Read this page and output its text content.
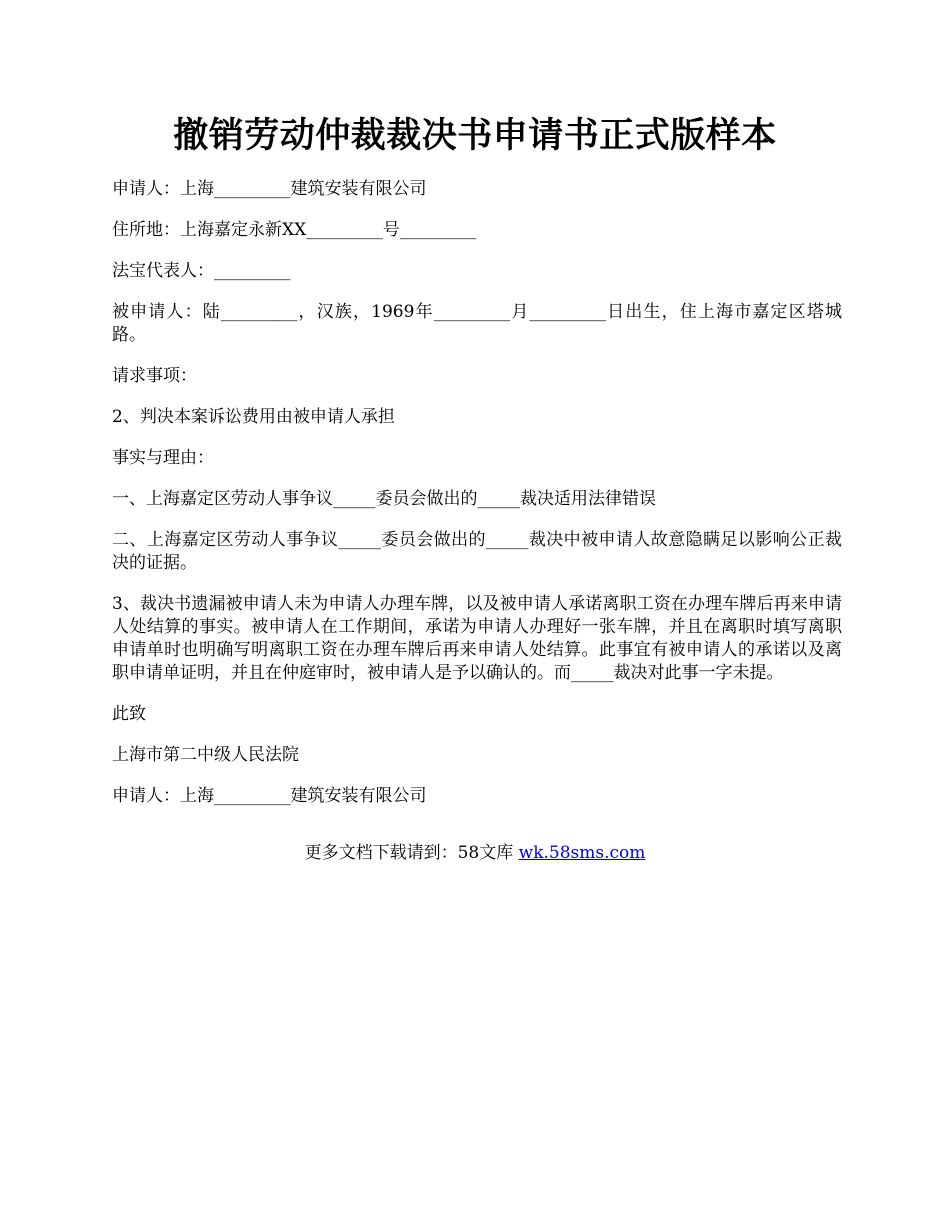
撤销劳动仲裁裁决书申请书正式版样本

申请人：上海_________建筑安装有限公司

住所地：上海嘉定永新XX_________号_________

法宝代表人：_________

被申请人：陆_________，汉族，1969年_________月_________日出生，住上海市嘉定区塔城路。

请求事项：

2、判决本案诉讼费用由被申请人承担

事实与理由：

一、上海嘉定区劳动人事争议_____委员会做出的_____裁决适用法律错误

二、上海嘉定区劳动人事争议_____委员会做出的_____裁决中被申请人故意隐瞒足以影响公正裁决的证据。

3、裁决书遗漏被申请人未为申请人办理车牌，以及被申请人承诺离职工资在办理车牌后再来申请人处结算的事实。被申请人在工作期间，承诺为申请人办理好一张车牌，并且在离职时填写离职申请单时也明确写明离职工资在办理车牌后再来申请人处结算。此事宜有被申请人的承诺以及离职申请单证明，并且在仲庭审时，被申请人是予以确认的。而_____裁决对此事一字未提。

此致

上海市第二中级人民法院

申请人：上海_________建筑安装有限公司

更多文档下载请到：58文库 wk.58sms.com
